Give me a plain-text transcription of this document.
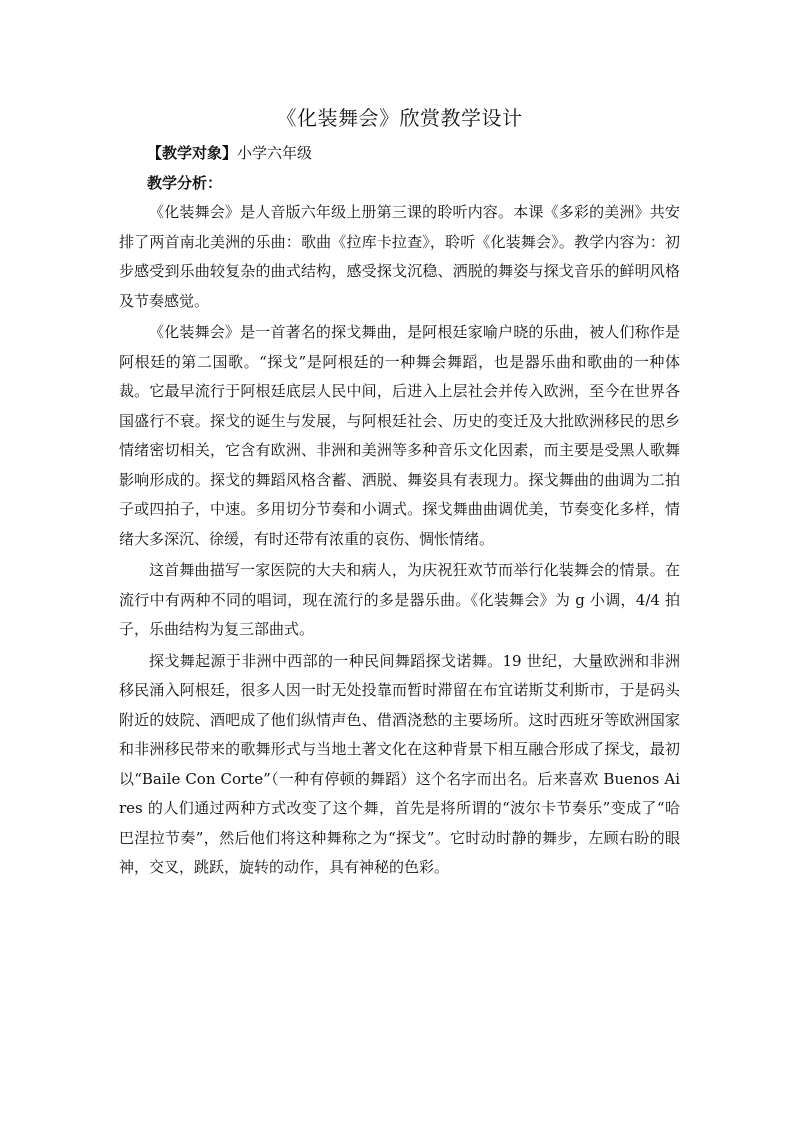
《化装舞会》欣赏教学设计

【教学对象】小学六年级

教学分析：

《化装舞会》是人音版六年级上册第三课的聆听内容。本课《多彩的美洲》共安排了两首南北美洲的乐曲：歌曲《拉库卡拉查》，聆听《化装舞会》。教学内容为：初步感受到乐曲较复杂的曲式结构，感受探戈沉稳、洒脱的舞姿与探戈音乐的鲜明风格及节奏感觉。

《化装舞会》是一首著名的探戈舞曲，是阿根廷家喻户晓的乐曲，被人们称作是阿根廷的第二国歌。“探戈”是阿根廷的一种舞会舞蹈，也是器乐曲和歌曲的一种体裁。它最早流行于阿根廷底层人民中间，后进入上层社会并传入欧洲，至今在世界各国盛行不衰。探戈的诞生与发展，与阿根廷社会、历史的变迁及大批欧洲移民的思乡情绪密切相关，它含有欧洲、非洲和美洲等多种音乐文化因素，而主要是受黑人歌舞影响形成的。探戈的舞蹈风格含蓄、洒脱、舞姿具有表现力。探戈舞曲的曲调为二拍子或四拍子，中速。多用切分节奏和小调式。探戈舞曲曲调优美，节奏变化多样，情绪大多深沉、徐缓，有时还带有浓重的哀伤、惆怅情绪。

这首舞曲描写一家医院的大夫和病人，为庆祝狂欢节而举行化装舞会的情景。在流行中有两种不同的唱词，现在流行的多是器乐曲。《化装舞会》为 g 小调，4/4 拍子，乐曲结构为复三部曲式。

探戈舞起源于非洲中西部的一种民间舞蹈探戈诺舞。19 世纪，大量欧洲和非洲移民涌入阿根廷，很多人因一时无处投靠而暂时滞留在布宜诺斯艾利斯市，于是码头附近的妓院、酒吧成了他们纵情声色、借酒浇愁的主要场所。这时西班牙等欧洲国家和非洲移民带来的歌舞形式与当地土著文化在这种背景下相互融合形成了探戈，最初以“Baile Con Corte”（一种有停顿的舞蹈）这个名字而出名。后来喜欢 Buenos Aires 的人们通过两种方式改变了这个舞，首先是将所谓的“波尔卡节奏乐”变成了“哈巴涅拉节奏”，然后他们将这种舞称之为“探戈”。它时动时静的舞步，左顾右盼的眼神，交叉，跳跃，旋转的动作，具有神秘的色彩。
